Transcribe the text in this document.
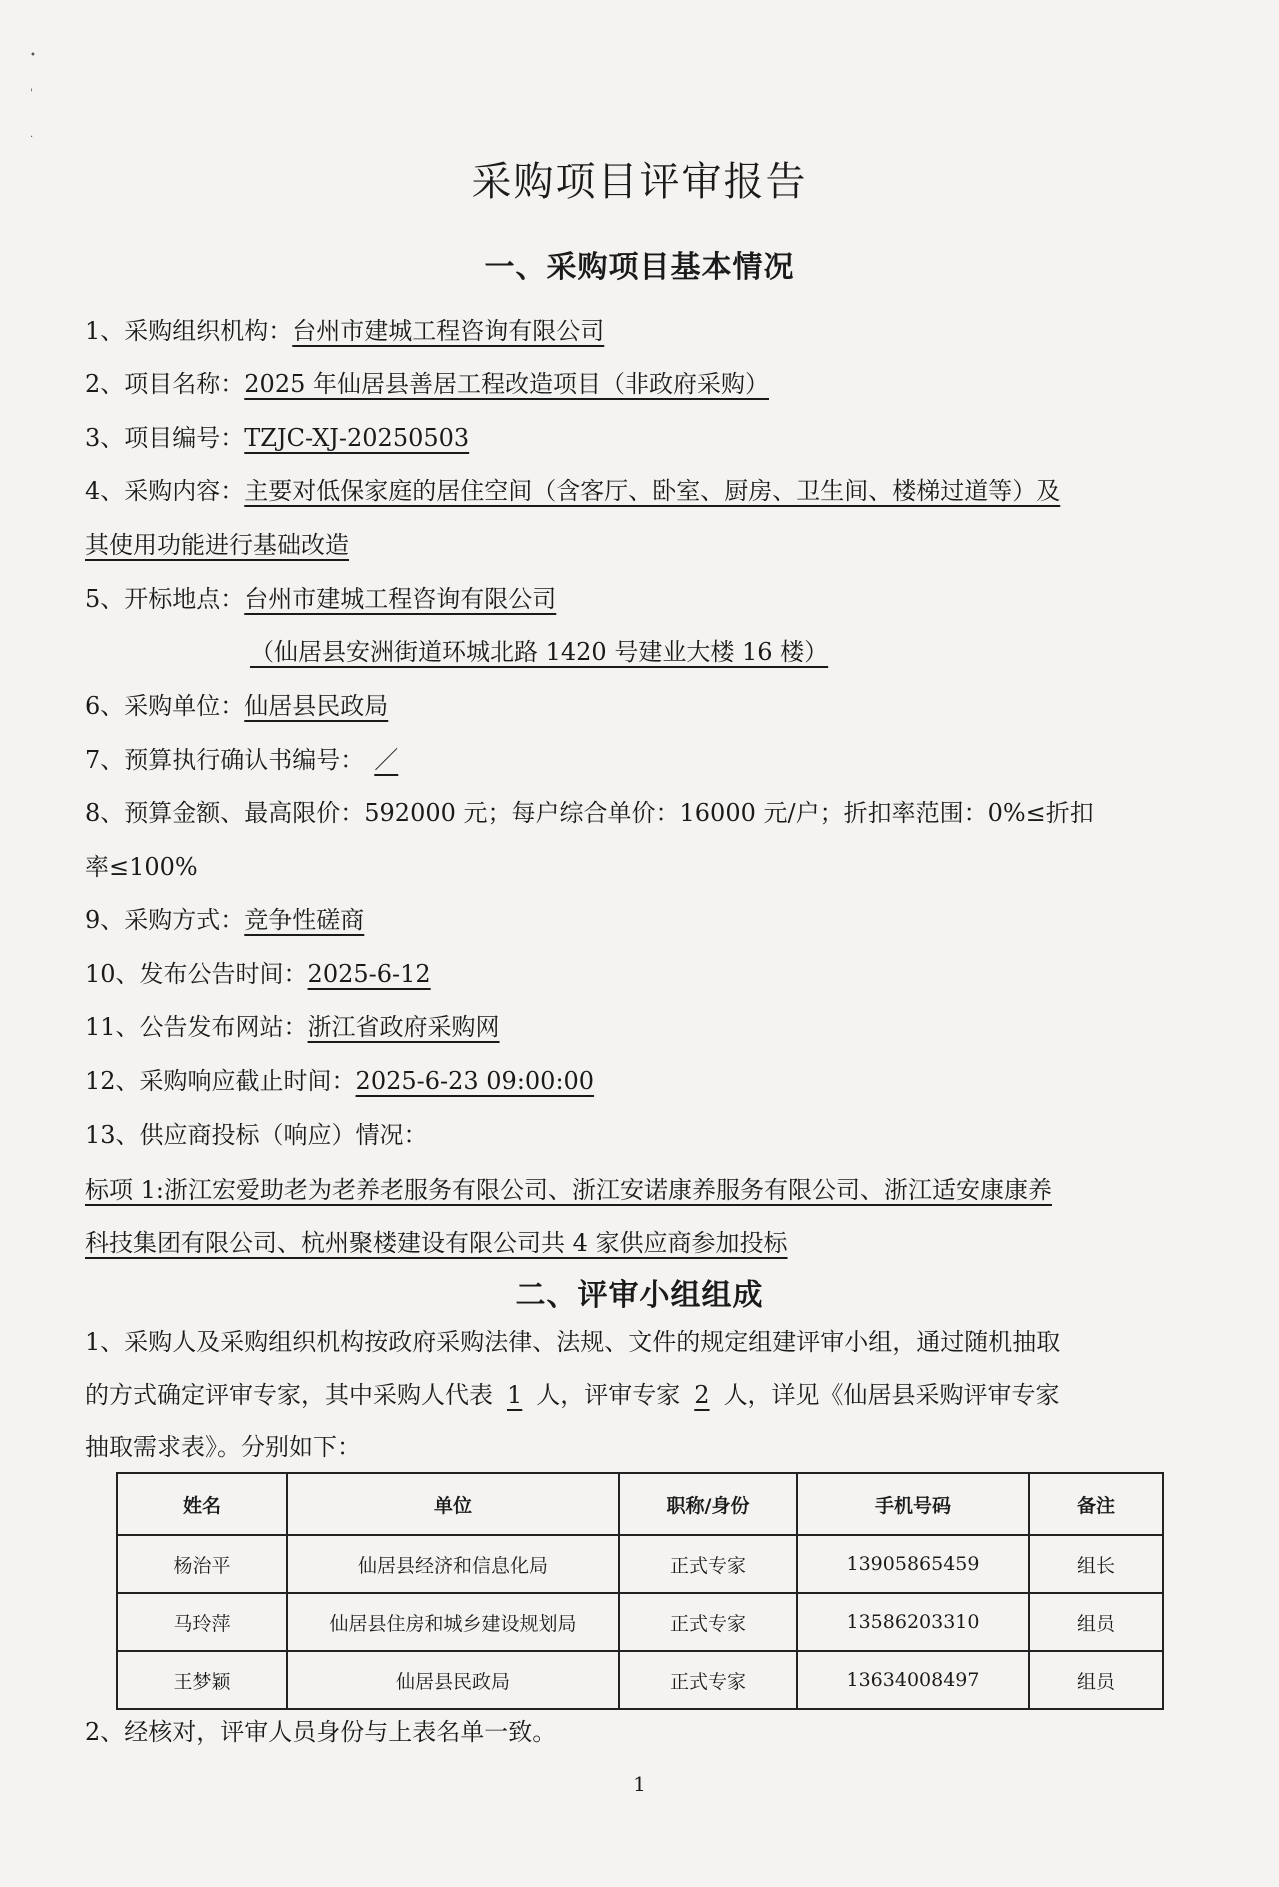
•
'
·
采购项目评审报告
一、采购项目基本情况
1、采购组织机构：台州市建城工程咨询有限公司
2、项目名称：2025 年仙居县善居工程改造项目（非政府采购）
3、项目编号：TZJC-XJ-20250503
4、采购内容：主要对低保家庭的居住空间（含客厅、卧室、厨房、卫生间、楼梯过道等）及
其使用功能进行基础改造
5、开标地点：台州市建城工程咨询有限公司
（仙居县安洲街道环城北路 1420 号建业大楼 16 楼）
6、采购单位：仙居县民政局
7、预算执行确认书编号： ／
8、预算金额、最高限价：592000 元；每户综合单价：16000 元/户；折扣率范围：0%≤折扣
率≤100%
9、采购方式：竞争性磋商
10、发布公告时间：2025-6-12
11、公告发布网站：浙江省政府采购网
12、采购响应截止时间：2025-6-23 09:00:00
13、供应商投标（响应）情况：
标项 1:浙江宏爱助老为老养老服务有限公司、浙江安诺康养服务有限公司、浙江适安康康养
科技集团有限公司、杭州聚楼建设有限公司共 4 家供应商参加投标
二、评审小组组成
1、采购人及采购组织机构按政府采购法律、法规、文件的规定组建评审小组，通过随机抽取
的方式确定评审专家，其中采购人代表 1 人，评审专家 2 人，详见《仙居县采购评审专家
抽取需求表》。分别如下：
姓名	单位	职称/身份	手机号码	备注
杨治平	仙居县经济和信息化局	正式专家	13905865459	组长
马玲萍	仙居县住房和城乡建设规划局	正式专家	13586203310	组员
王梦颖	仙居县民政局	正式专家	13634008497	组员
2、经核对，评审人员身份与上表名单一致。
1
